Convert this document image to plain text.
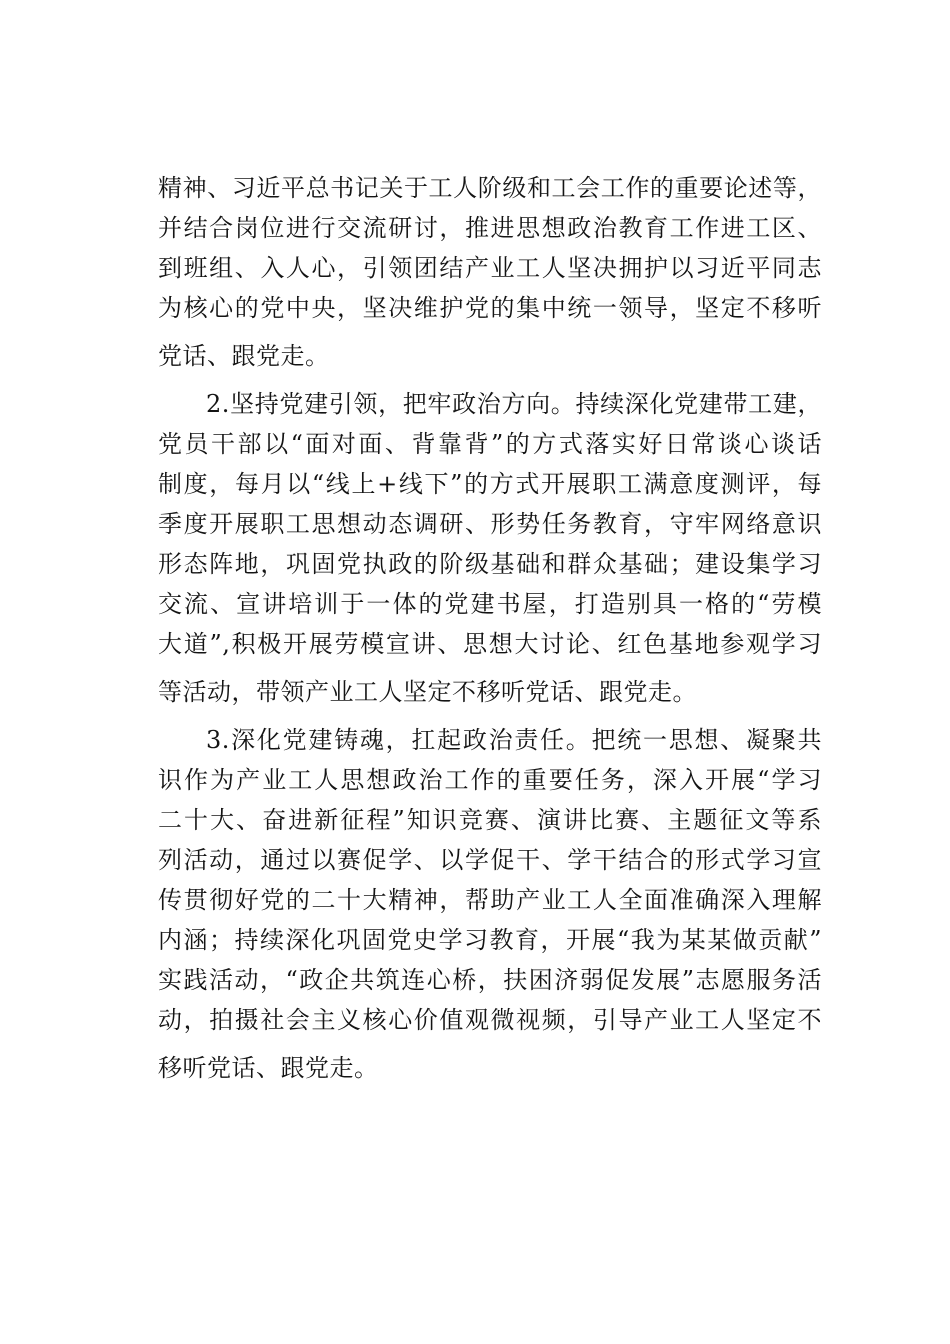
精神、习近平总书记关于工人阶级和工会工作的重要论述等，
并结合岗位进行交流研讨，推进思想政治教育工作进工区、
到班组、入人心，引领团结产业工人坚决拥护以习近平同志
为核心的党中央，坚决维护党的集中统一领导，坚定不移听
党话、跟党走。
2.坚持党建引领，把牢政治方向。持续深化党建带工建，
党员干部以“面对面、背靠背”的方式落实好日常谈心谈话
制度，每月以“线上+线下”的方式开展职工满意度测评，每
季度开展职工思想动态调研、形势任务教育，守牢网络意识
形态阵地，巩固党执政的阶级基础和群众基础；建设集学习
交流、宣讲培训于一体的党建书屋，打造别具一格的“劳模
大道”,积极开展劳模宣讲、思想大讨论、红色基地参观学习
等活动，带领产业工人坚定不移听党话、跟党走。
3.深化党建铸魂，扛起政治责任。把统一思想、凝聚共
识作为产业工人思想政治工作的重要任务，深入开展“学习
二十大、奋进新征程”知识竞赛、演讲比赛、主题征文等系
列活动，通过以赛促学、以学促干、学干结合的形式学习宣
传贯彻好党的二十大精神，帮助产业工人全面准确深入理解
内涵；持续深化巩固党史学习教育，开展“我为某某做贡献”
实践活动，“政企共筑连心桥，扶困济弱促发展”志愿服务活
动，拍摄社会主义核心价值观微视频，引导产业工人坚定不
移听党话、跟党走。
